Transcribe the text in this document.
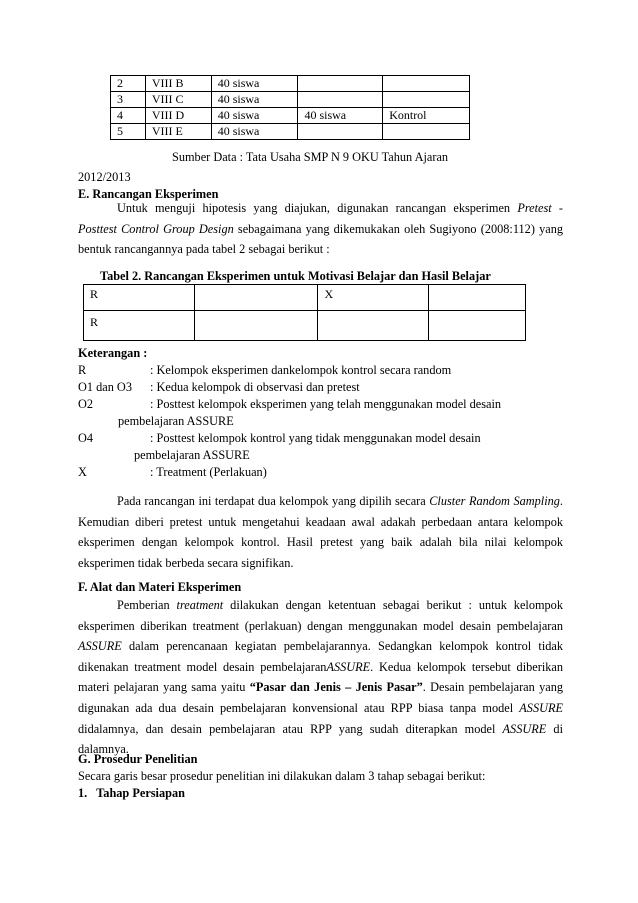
2	VIII B	40 siswa		
3	VIII C	40 siswa		
4	VIII D	40 siswa	40 siswa	Kontrol
5	VIII E	40 siswa		
Sumber Data : Tata Usaha SMP N 9 OKU Tahun Ajaran
2012/2013
E. Rancangan Eksperimen
Untuk menguji hipotesis yang diajukan, digunakan rancangan eksperimen Pretest - Posttest Control Group Design sebagaimana yang dikemukakan oleh Sugiyono (2008:112) yang bentuk rancangannya pada tabel 2 sebagai berikut :
Tabel 2. Rancangan Eksperimen untuk Motivasi Belajar dan Hasil Belajar
R		X	
R			
Keterangan :
R	: Kelompok eksperimen dankelompok kontrol secara random
O1 dan O3 : Kedua kelompok di observasi dan pretest
O2	: Posttest kelompok eksperimen yang telah menggunakan model desain
pembelajaran ASSURE
O4	: Posttest kelompok kontrol yang tidak menggunakan model desain
pembelajaran ASSURE
X	: Treatment (Perlakuan)
Pada rancangan ini terdapat dua kelompok yang dipilih secara Cluster Random Sampling. Kemudian diberi pretest untuk mengetahui keadaan awal adakah perbedaan antara kelompok eksperimen dengan kelompok kontrol. Hasil pretest yang baik adalah bila nilai kelompok eksperimen tidak berbeda secara signifikan.
F. Alat dan Materi Eksperimen
Pemberian treatment dilakukan dengan ketentuan sebagai berikut : untuk kelompok eksperimen diberikan treatment (perlakuan) dengan menggunakan model desain pembelajaran ASSURE dalam perencanaan kegiatan pembelajarannya. Sedangkan kelompok kontrol tidak dikenakan treatment model desain pembelajaranASSURE. Kedua kelompok tersebut diberikan materi pelajaran yang sama yaitu “Pasar dan Jenis – Jenis Pasar”. Desain pembelajaran yang digunakan ada dua desain pembelajaran konvensional atau RPP biasa tanpa model ASSURE didalamnya, dan desain pembelajaran atau RPP yang sudah diterapkan model ASSURE di dalamnya.
G. Prosedur Penelitian
Secara garis besar prosedur penelitian ini dilakukan dalam 3 tahap sebagai berikut:
1.   Tahap Persiapan
